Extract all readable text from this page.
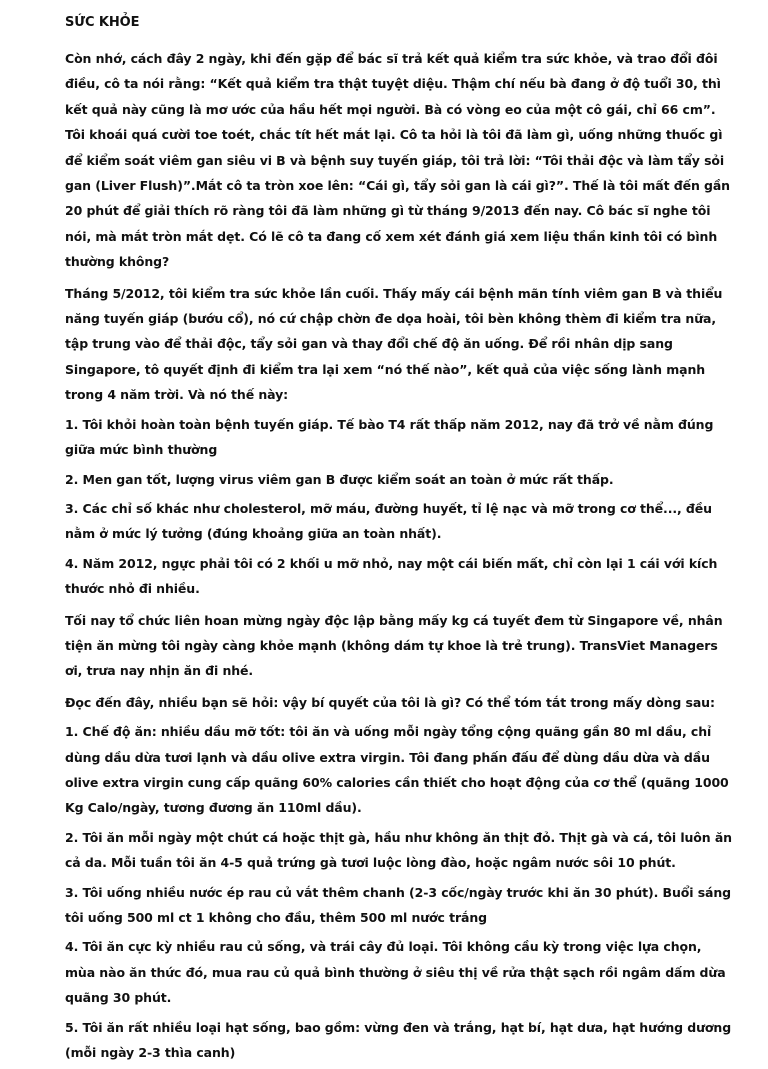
SỨC KHỎE

Còn nhớ, cách đây 2 ngày, khi đến gặp để bác sĩ trả kết quả kiểm tra sức khỏe, và trao đổi đôi điều, cô ta nói rằng: “Kết quả kiểm tra thật tuyệt diệu. Thậm chí nếu bà đang ở độ tuổi 30, thì kết quả này cũng là mơ ước của hầu hết mọi người. Bà có vòng eo của một cô gái, chỉ 66 cm”. Tôi khoái quá cười toe toét, chắc tít hết mắt lại. Cô ta hỏi là tôi đã làm gì, uống những thuốc gì để kiểm soát viêm gan siêu vi B và bệnh suy tuyến giáp, tôi trả lời: “Tôi thải độc và làm tẩy sỏi gan (Liver Flush)”.Mắt cô ta tròn xoe lên: “Cái gì, tẩy sỏi gan là cái gì?”. Thế là tôi mất đến gần 20 phút để giải thích rõ ràng tôi đã làm những gì từ tháng 9/2013 đến nay. Cô bác sĩ nghe tôi nói, mà mắt tròn mắt dẹt. Có lẽ cô ta đang cố xem xét đánh giá xem liệu thần kinh tôi có bình thường không?

Tháng 5/2012, tôi kiểm tra sức khỏe lần cuối. Thấy mấy cái bệnh mãn tính viêm gan B và thiểu năng tuyến giáp (bướu cổ), nó cứ chập chờn đe dọa hoài, tôi bèn không thèm đi kiểm tra nữa, tập trung vào để thải độc, tẩy sỏi gan và thay đổi chế độ ăn uống. Để rồi nhân dịp sang Singapore, tô quyết định đi kiểm tra lại xem “nó thế nào”, kết quả của việc sống lành mạnh trong 4 năm trời. Và nó thế này:

1. Tôi khỏi hoàn toàn bệnh tuyến giáp. Tế bào T4 rất thấp năm 2012, nay đã trở về nằm đúng giữa mức bình thường

2. Men gan tốt, lượng virus viêm gan B được kiểm soát an toàn ở mức rất thấp.

3. Các chỉ số khác như cholesterol, mỡ máu, đường huyết, tỉ lệ nạc và mỡ trong cơ thể..., đều nằm ở mức lý tưởng (đúng khoảng giữa an toàn nhất).

4. Năm 2012, ngực phải tôi có 2 khối u mỡ nhỏ, nay một cái biến mất, chỉ còn lại 1 cái với kích thước nhỏ đi nhiều.

Tối nay tổ chức liên hoan mừng ngày độc lập bằng mấy kg cá tuyết đem từ Singapore về, nhân tiện ăn mừng tôi ngày càng khỏe mạnh (không dám tự khoe là trẻ trung). TransViet Managers ơi, trưa nay nhịn ăn đi nhé.

Đọc đến đây, nhiều bạn sẽ hỏi: vậy bí quyết của tôi là gì? Có thể tóm tắt trong mấy dòng sau:

1. Chế độ ăn: nhiều dầu mỡ tốt: tôi ăn và uống mỗi ngày tổng cộng quãng gần 80 ml dầu, chỉ dùng dầu dừa tươi lạnh và dầu olive extra virgin. Tôi đang phấn đấu để dùng dầu dừa và dầu olive extra virgin cung cấp quãng 60% calories cần thiết cho hoạt động của cơ thể (quãng 1000 Kg Calo/ngày, tương đương ăn 110ml dầu).

2. Tôi ăn mỗi ngày một chút cá hoặc thịt gà, hầu như không ăn thịt đỏ. Thịt gà và cá, tôi luôn ăn cả da. Mỗi tuần tôi ăn 4-5 quả trứng gà tươi luộc lòng đào, hoặc ngâm nước sôi 10 phút.

3. Tôi uống nhiều nước ép rau củ vắt thêm chanh (2-3 cốc/ngày trước khi ăn 30 phút). Buổi sáng tôi uống 500 ml ct 1 không cho đầu, thêm 500 ml nước trắng

4. Tôi ăn cực kỳ nhiều rau củ sống, và trái cây đủ loại. Tôi không cầu kỳ trong việc lựa chọn, mùa nào ăn thức đó, mua rau củ quả bình thường ở siêu thị về rửa thật sạch rồi ngâm dấm dừa quãng 30 phút.

5. Tôi ăn rất nhiều loại hạt sống, bao gồm: vừng đen và trắng, hạt bí, hạt dưa, hạt hướng dương (mỗi ngày 2-3 thìa canh)
